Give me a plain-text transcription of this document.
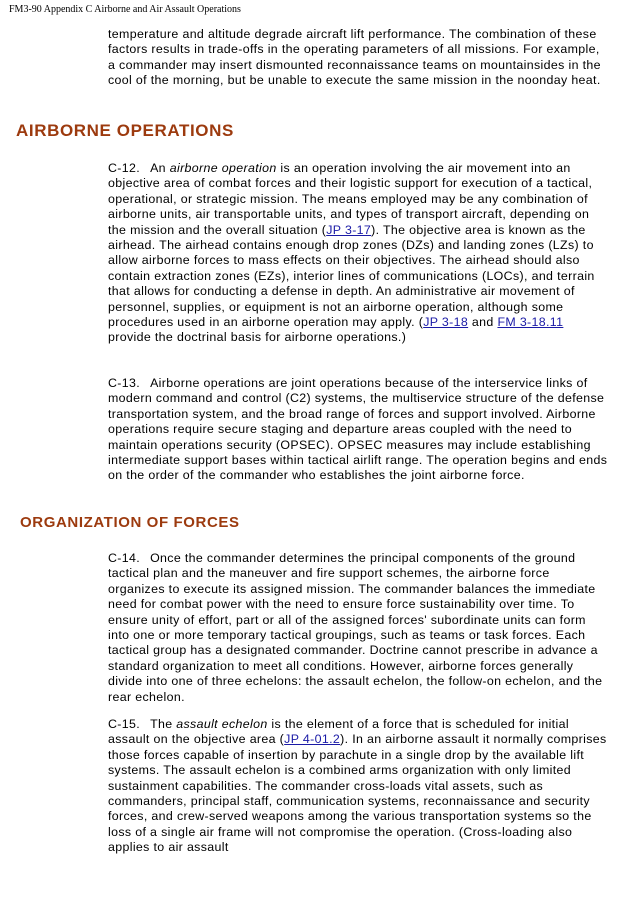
FM3-90 Appendix C Airborne and Air Assault Operations

temperature and altitude degrade aircraft lift performance. The combination of these factors results in trade-offs in the operating parameters of all missions. For example, a commander may insert dismounted reconnaissance teams on mountainsides in the cool of the morning, but be unable to execute the same mission in the noonday heat.

AIRBORNE OPERATIONS

C-12. An airborne operation is an operation involving the air movement into an objective area of combat forces and their logistic support for execution of a tactical, operational, or strategic mission. The means employed may be any combination of airborne units, air transportable units, and types of transport aircraft, depending on the mission and the overall situation (JP 3-17). The objective area is known as the airhead. The airhead contains enough drop zones (DZs) and landing zones (LZs) to allow airborne forces to mass effects on their objectives. The airhead should also contain extraction zones (EZs), interior lines of communications (LOCs), and terrain that allows for conducting a defense in depth. An administrative air movement of personnel, supplies, or equipment is not an airborne operation, although some procedures used in an airborne operation may apply. (JP 3-18 and FM 3-18.11 provide the doctrinal basis for airborne operations.)

C-13. Airborne operations are joint operations because of the interservice links of modern command and control (C2) systems, the multiservice structure of the defense transportation system, and the broad range of forces and support involved. Airborne operations require secure staging and departure areas coupled with the need to maintain operations security (OPSEC). OPSEC measures may include establishing intermediate support bases within tactical airlift range. The operation begins and ends on the order of the commander who establishes the joint airborne force.

ORGANIZATION OF FORCES

C-14. Once the commander determines the principal components of the ground tactical plan and the maneuver and fire support schemes, the airborne force organizes to execute its assigned mission. The commander balances the immediate need for combat power with the need to ensure force sustainability over time. To ensure unity of effort, part or all of the assigned forces' subordinate units can form into one or more temporary tactical groupings, such as teams or task forces. Each tactical group has a designated commander. Doctrine cannot prescribe in advance a standard organization to meet all conditions. However, airborne forces generally divide into one of three echelons: the assault echelon, the follow-on echelon, and the rear echelon.

C-15. The assault echelon is the element of a force that is scheduled for initial assault on the objective area (JP 4-01.2). In an airborne assault it normally comprises those forces capable of insertion by parachute in a single drop by the available lift systems. The assault echelon is a combined arms organization with only limited sustainment capabilities. The commander cross-loads vital assets, such as commanders, principal staff, communication systems, reconnaissance and security forces, and crew-served weapons among the various transportation systems so the loss of a single air frame will not compromise the operation. (Cross-loading also applies to air assault
